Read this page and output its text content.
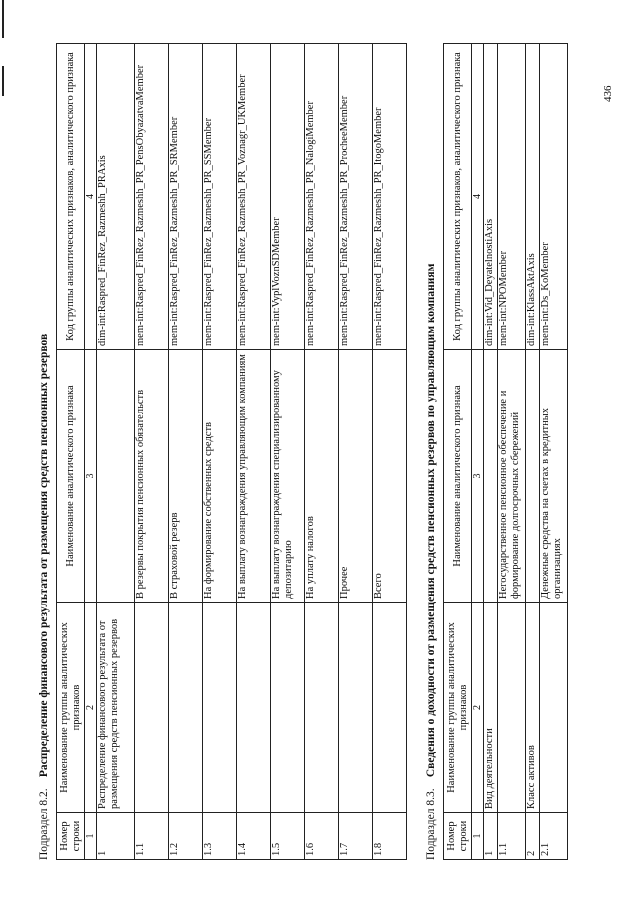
436

Подраздел 8.2. Распределение финансового результата от размещения средств пенсионных резервов

Номер строки	Наименование группы аналитических признаков	Наименование аналитического признака	Код группы аналитических признаков, аналитического признака
1	2	3	4
1	Распределение финансового результата от размещения средств пенсионных резервов		dim-int:Raspred_FinRez_Razmeshh_PRAxis
1.1		В резервы покрытия пенсионных обязательств	mem-int:Raspred_FinRez_Razmeshh_PR_PensObyazatvaMember
1.2		В страховой резерв	mem-int:Raspred_FinRez_Razmeshh_PR_SRMember
1.3		На формирование собственных средств	mem-int:Raspred_FinRez_Razmeshh_PR_SSMember
1.4		На выплату вознаграждения управляющим компаниям	mem-int:Raspred_FinRez_Razmeshh_PR_Voznagr_UKMember
1.5		На выплату вознаграждения специализированному депозитарию	mem-int:VyplVoznSDMember
1.6		На уплату налогов	mem-int:Raspred_FinRez_Razmeshh_PR_NalogiMember
1.7		Прочее	mem-int:Raspred_FinRez_Razmeshh_PR_ProcheeMember
1.8		Всего	mem-int:Raspred_FinRez_Razmeshh_PR_ItogoMember

Подраздел 8.3. Сведения о доходности от размещения средств пенсионных резервов по управляющим компаниям

Номер строки	Наименование группы аналитических признаков	Наименование аналитического признака	Код группы аналитических признаков, аналитического признака
1	2	3	4
1	Вид деятельности		dim-int:Vid_DeyatelnostiAxis
1.1		Негосударственное пенсионное обеспечение и формирование долгосрочных сбережений	mem-int:NPOMember
2	Класс активов		dim-int:KlassAktAxis
2.1		Денежные средства на счетах в кредитных организациях	mem-int:Ds_KoMember
